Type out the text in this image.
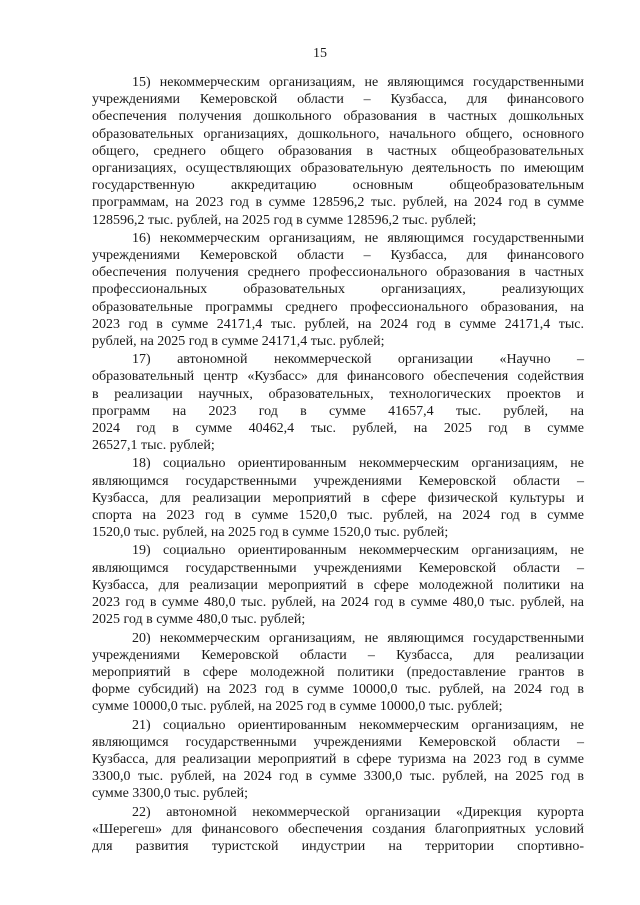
15

15) некоммерческим организациям, не являющимся государственными
учреждениями Кемеровской области – Кузбасса, для финансового
обеспечения получения дошкольного образования в частных дошкольных
образовательных организациях, дошкольного, начального общего, основного
общего, среднего общего образования в частных общеобразовательных
организациях, осуществляющих образовательную деятельность по имеющим
государственную аккредитацию основным общеобразовательным
программам, на 2023 год в сумме 128596,2 тыс. рублей, на 2024 год в сумме
128596,2 тыс. рублей, на 2025 год в сумме 128596,2 тыс. рублей;

16) некоммерческим организациям, не являющимся государственными
учреждениями Кемеровской области – Кузбасса, для финансового
обеспечения получения среднего профессионального образования в частных
профессиональных образовательных организациях, реализующих
образовательные программы среднего профессионального образования, на
2023 год в сумме 24171,4 тыс. рублей, на 2024 год в сумме 24171,4 тыс.
рублей, на 2025 год в сумме 24171,4 тыс. рублей;

17) автономной некоммерческой организации «Научно –
образовательный центр «Кузбасс» для финансового обеспечения содействия
в реализации научных, образовательных, технологических проектов и
программ на 2023 год в сумме 41657,4 тыс. рублей, на
2024 год в сумме 40462,4 тыс. рублей, на 2025 год в сумме
26527,1 тыс. рублей;

18) социально ориентированным некоммерческим организациям, не
являющимся государственными учреждениями Кемеровской области –
Кузбасса, для реализации мероприятий в сфере физической культуры и
спорта на 2023 год в сумме 1520,0 тыс. рублей, на 2024 год в сумме
1520,0 тыс. рублей, на 2025 год в сумме 1520,0 тыс. рублей;

19) социально ориентированным некоммерческим организациям, не
являющимся государственными учреждениями Кемеровской области –
Кузбасса, для реализации мероприятий в сфере молодежной политики на
2023 год в сумме 480,0 тыс. рублей, на 2024 год в сумме 480,0 тыс. рублей, на
2025 год в сумме 480,0 тыс. рублей;

20) некоммерческим организациям, не являющимся государственными
учреждениями Кемеровской области – Кузбасса, для реализации
мероприятий в сфере молодежной политики (предоставление грантов в
форме субсидий) на 2023 год в сумме 10000,0 тыс. рублей, на 2024 год в
сумме 10000,0 тыс. рублей, на 2025 год в сумме 10000,0 тыс. рублей;

21) социально ориентированным некоммерческим организациям, не
являющимся государственными учреждениями Кемеровской области –
Кузбасса, для реализации мероприятий в сфере туризма на 2023 год в сумме
3300,0 тыс. рублей, на 2024 год в сумме 3300,0 тыс. рублей, на 2025 год в
сумме 3300,0 тыс. рублей;

22) автономной некоммерческой организации «Дирекция курорта
«Шерегеш» для финансового обеспечения создания благоприятных условий
для развития туристской индустрии на территории спортивно-
